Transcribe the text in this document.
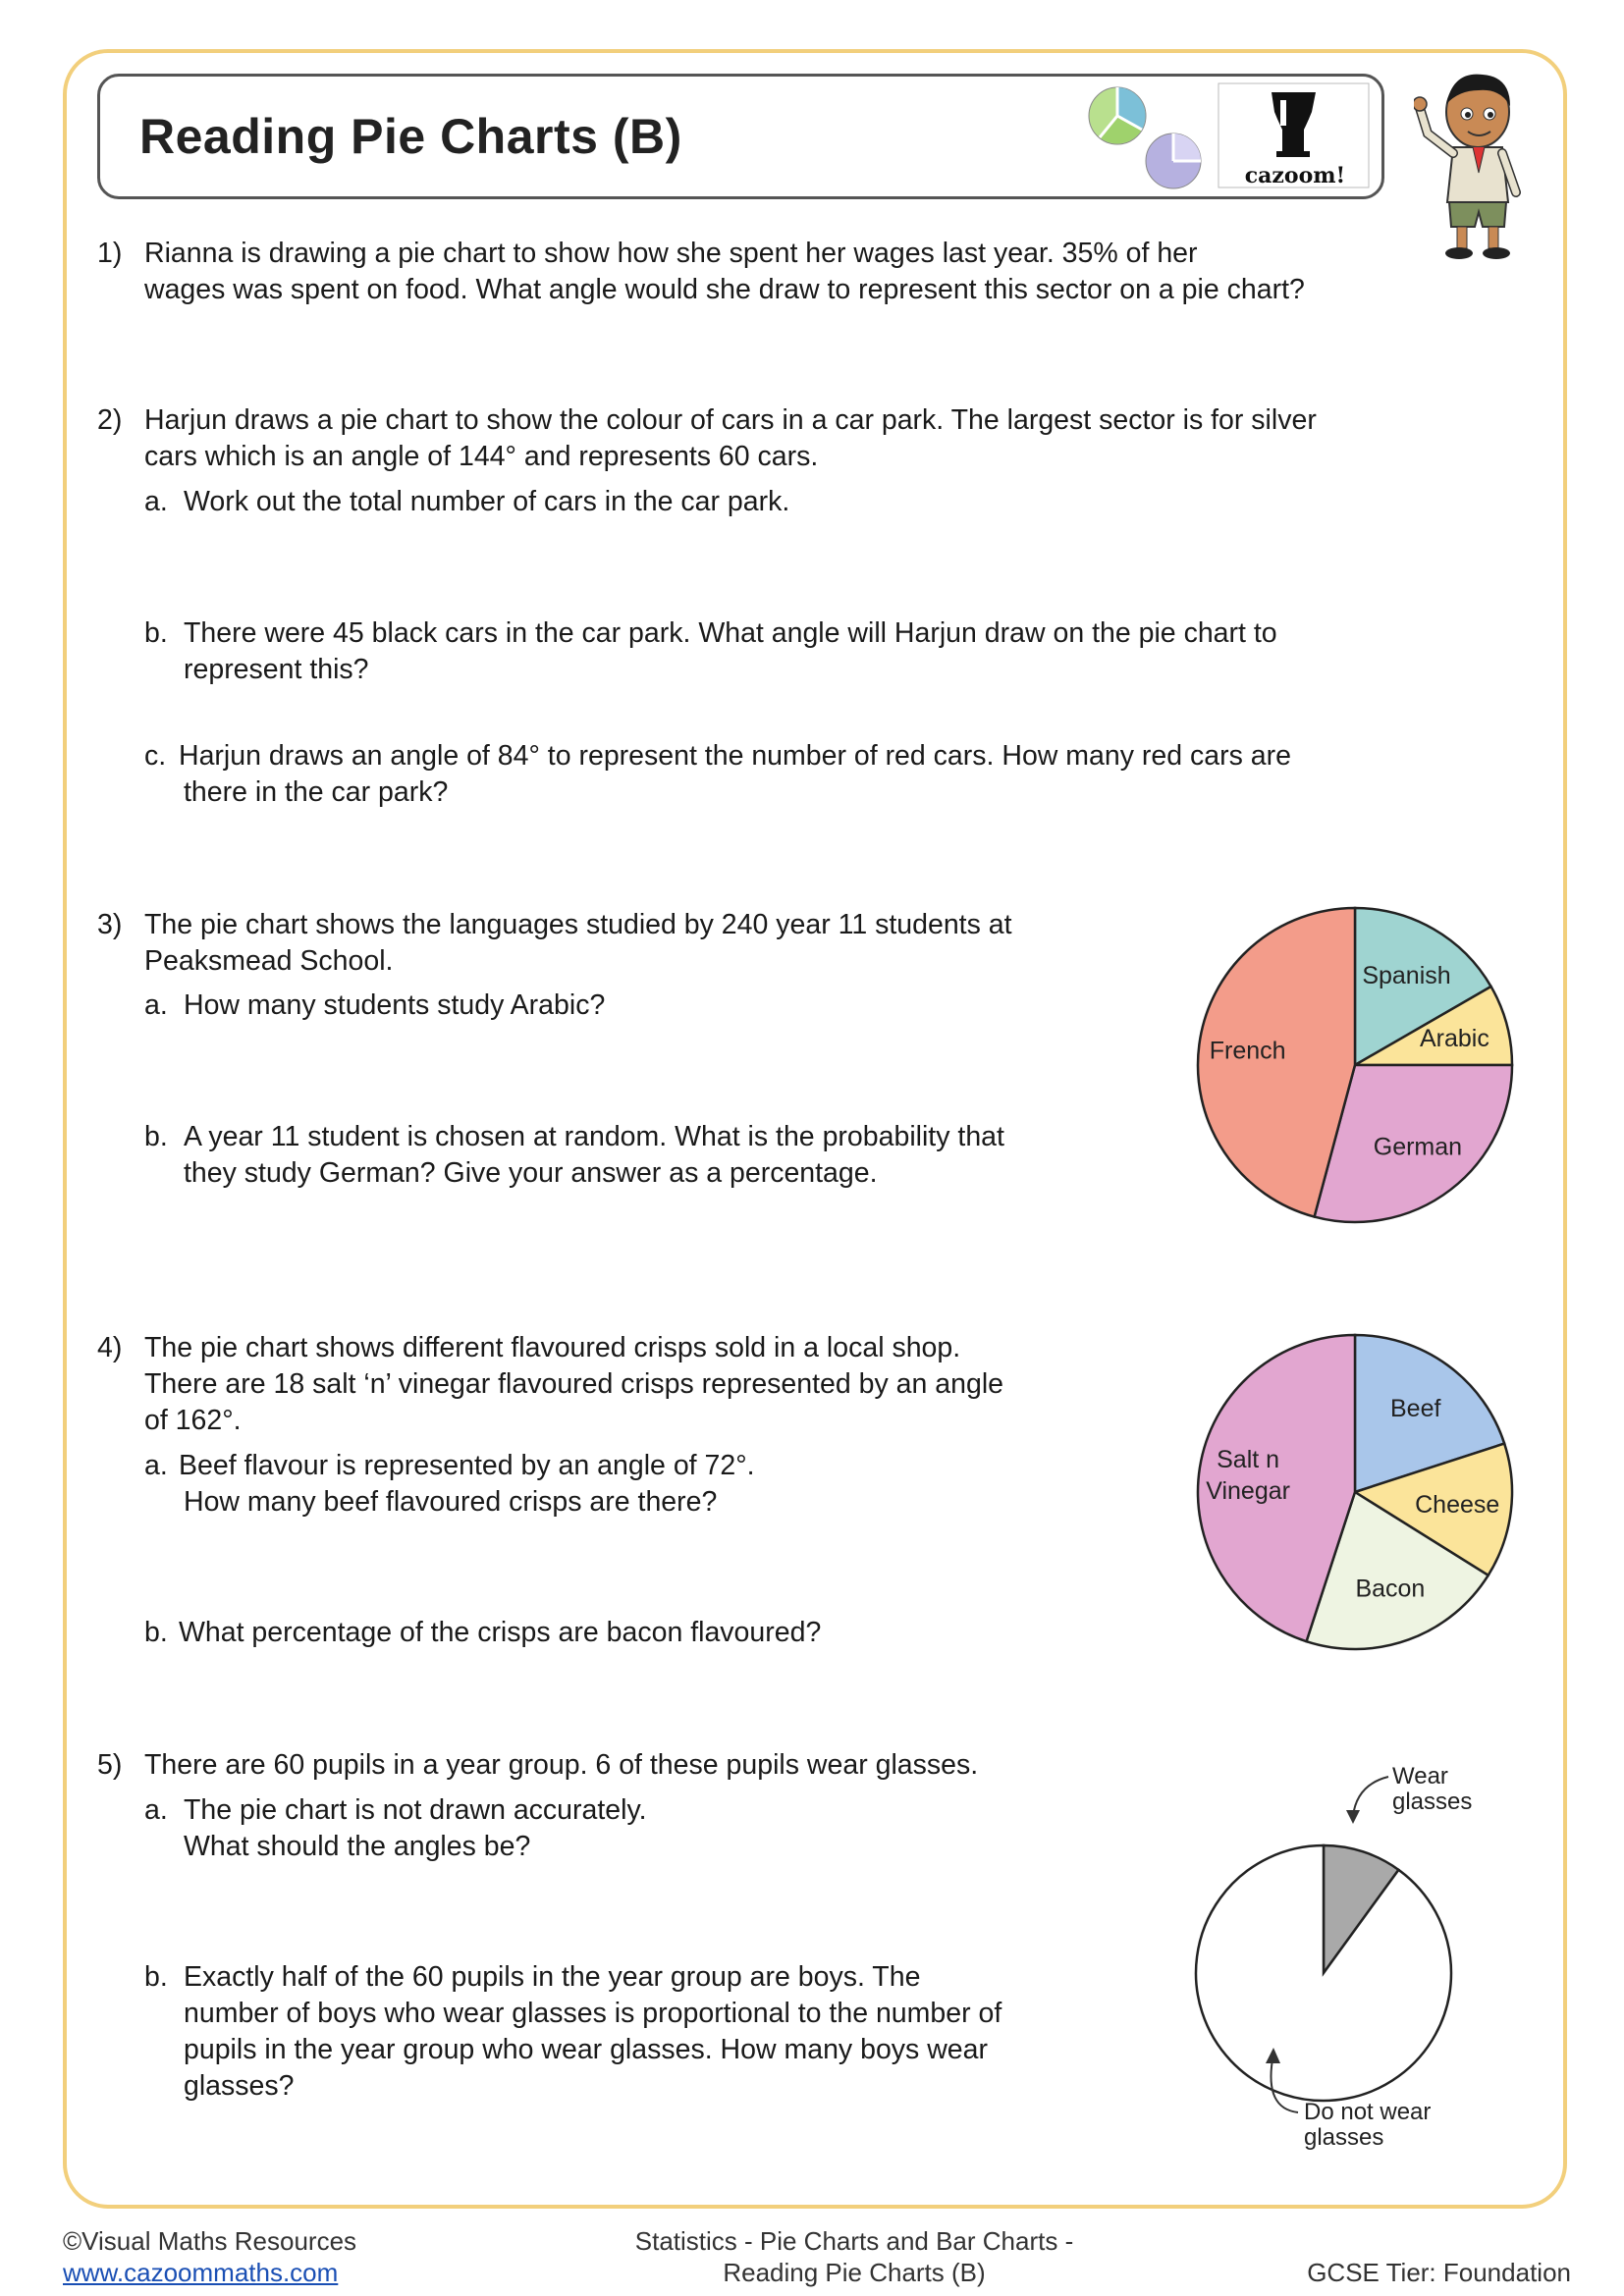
Reading Pie Charts (B)
cazoom!
1) Rianna is drawing a pie chart to show how she spent her wages last year. 35% of her
wages was spent on food. What angle would she draw to represent this sector on a pie chart?
2) Harjun draws a pie chart to show the colour of cars in a car park. The largest sector is for silver
cars which is an angle of 144° and represents 60 cars.
a. Work out the total number of cars in the car park.
b. There were 45 black cars in the car park. What angle will Harjun draw on the pie chart to
represent this?
c. Harjun draws an angle of 84° to represent the number of red cars. How many red cars are
there in the car park?
3) The pie chart shows the languages studied by 240 year 11 students at
Peaksmead School.
a. How many students study Arabic?
b. A year 11 student is chosen at random. What is the probability that
they study German? Give your answer as a percentage.
4) The pie chart shows different flavoured crisps sold in a local shop.
There are 18 salt ‘n’ vinegar flavoured crisps represented by an angle
of 162°.
a. Beef flavour is represented by an angle of 72°.
How many beef flavoured crisps are there?
b. What percentage of the crisps are bacon flavoured?
5) There are 60 pupils in a year group. 6 of these pupils wear glasses.
a. The pie chart is not drawn accurately.
What should the angles be?
b. Exactly half of the 60 pupils in the year group are boys. The
number of boys who wear glasses is proportional to the number of
pupils in the year group who wear glasses. How many boys wear
glasses?
Spanish
Arabic
German
French
Beef
Cheese
Bacon
Salt n Vinegar
Wear glasses
Do not wear glasses
©Visual Maths Resources
www.cazoommaths.com
Statistics - Pie Charts and Bar Charts -
Reading Pie Charts (B)	GCSE Tier: Foundation
